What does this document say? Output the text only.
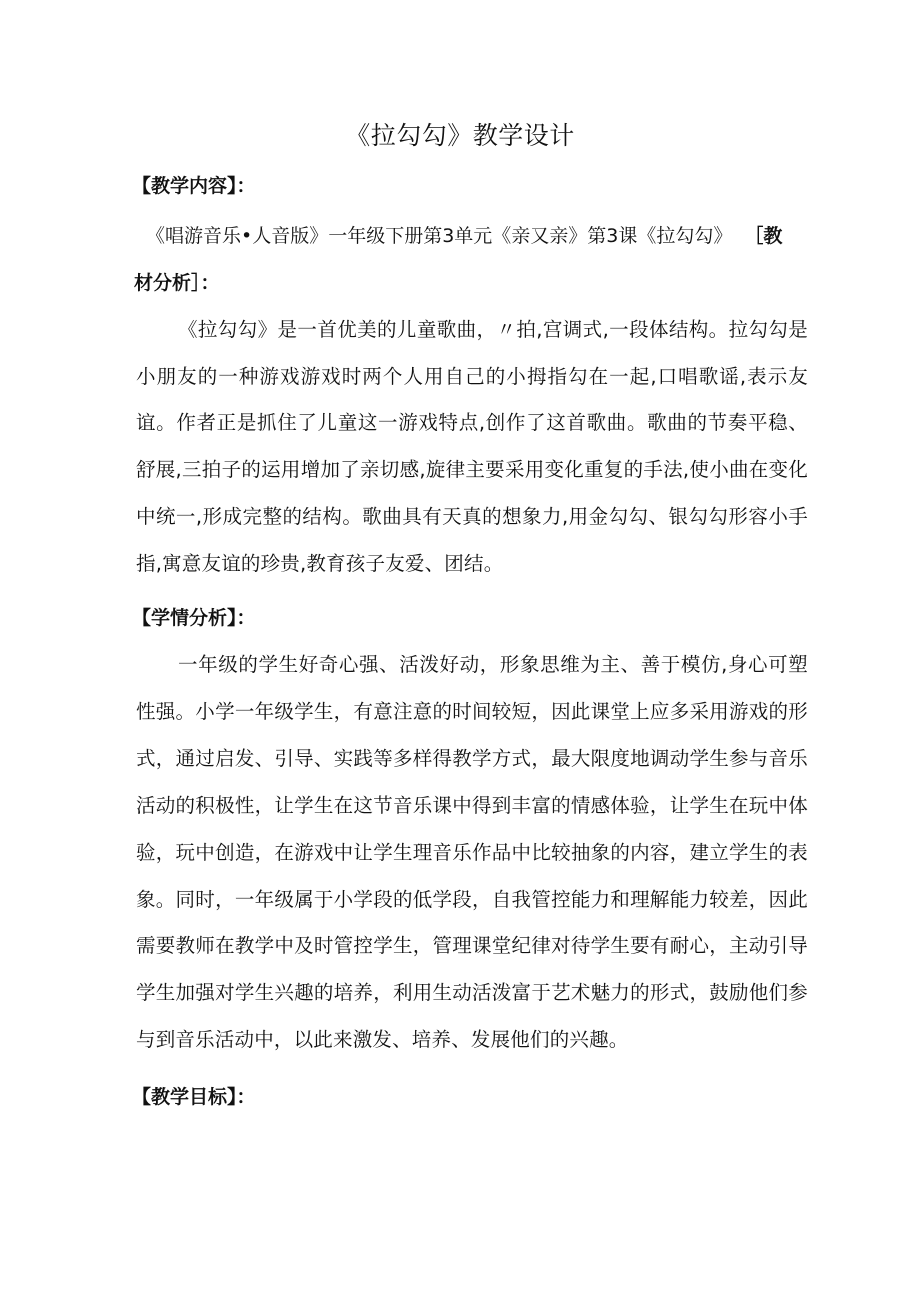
《拉勾勾》教学设计
【教学内容】：
《唱游音乐•人音版》一年级下册第3单元《亲又亲》第3课《拉勾勾》 ［教
材分析］：
《拉勾勾》是一首优美的儿童歌曲，〃拍,宫调式,一段体结构。拉勾勾是小朋友的一种游戏游戏时两个人用自己的小拇指勾在一起,口唱歌谣,表示友谊。作者正是抓住了儿童这一游戏特点,创作了这首歌曲。歌曲的节奏平稳、舒展,三拍子的运用增加了亲切感,旋律主要采用变化重复的手法,使小曲在变化中统一,形成完整的结构。歌曲具有天真的想象力,用金勾勾、银勾勾形容小手指,寓意友谊的珍贵,教育孩子友爱、团结。
【学情分析】：
一年级的学生好奇心强、活泼好动，形象思维为主、善于模仿,身心可塑性强。小学一年级学生，有意注意的时间较短，因此课堂上应多采用游戏的形式，通过启发、引导、实践等多样得教学方式，最大限度地调动学生参与音乐活动的积极性，让学生在这节音乐课中得到丰富的情感体验，让学生在玩中体验，玩中创造，在游戏中让学生理音乐作品中比较抽象的内容，建立学生的表象。同时，一年级属于小学段的低学段，自我管控能力和理解能力较差，因此需要教师在教学中及时管控学生，管理课堂纪律对待学生要有耐心，主动引导学生加强对学生兴趣的培养，利用生动活泼富于艺术魅力的形式，鼓励他们参与到音乐活动中，以此来激发、培养、发展他们的兴趣。
【教学目标】：
